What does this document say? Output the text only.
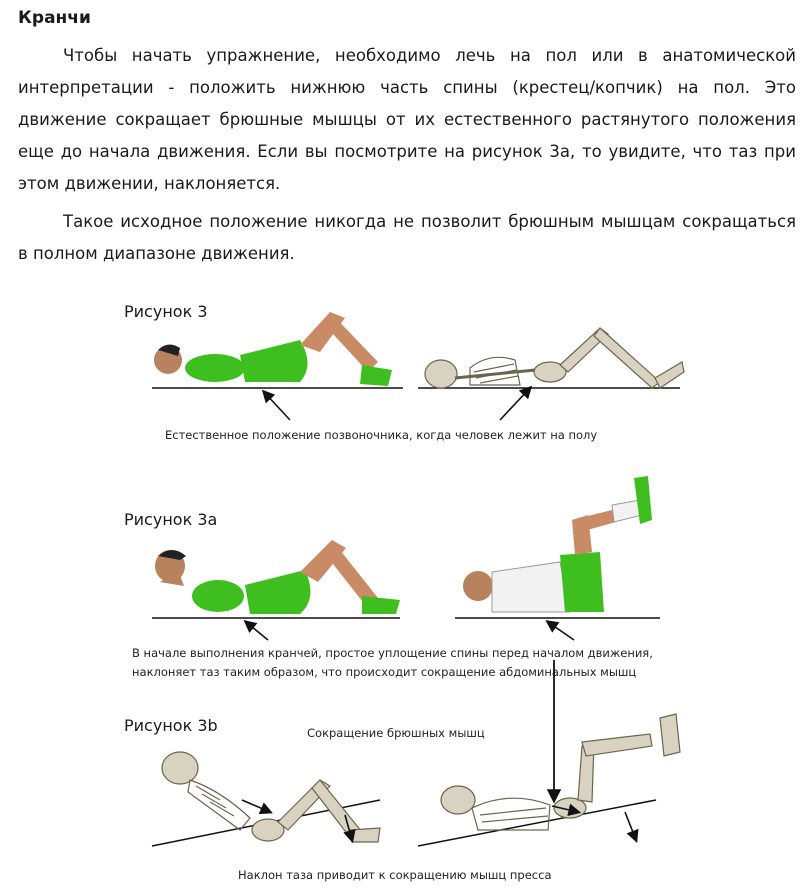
Кранчи
Чтобы начать упражнение, необходимо лечь на пол или в анатомической интерпретации - положить нижнюю часть спины (крестец/копчик) на пол. Это движение сокращает брюшные мышцы от их естественного растянутого положения еще до начала движения. Если вы посмотрите на рисунок 3а, то увидите, что таз при этом движении, наклоняется.
Такое исходное положение никогда не позволит брюшным мышцам сокращаться в полном диапазоне движения.
Рисунок 3
Рисунок 3а
Рисунок 3b
Естественное положение позвоночника, когда человек лежит на полу
В начале выполнения кранчей, простое уплощение спины перед началом движения,
наклоняет таз таким образом, что происходит сокращение абдоминальных мышц
Сокращение брюшных мышц
Наклон таза приводит к сокращению мышц пресса
